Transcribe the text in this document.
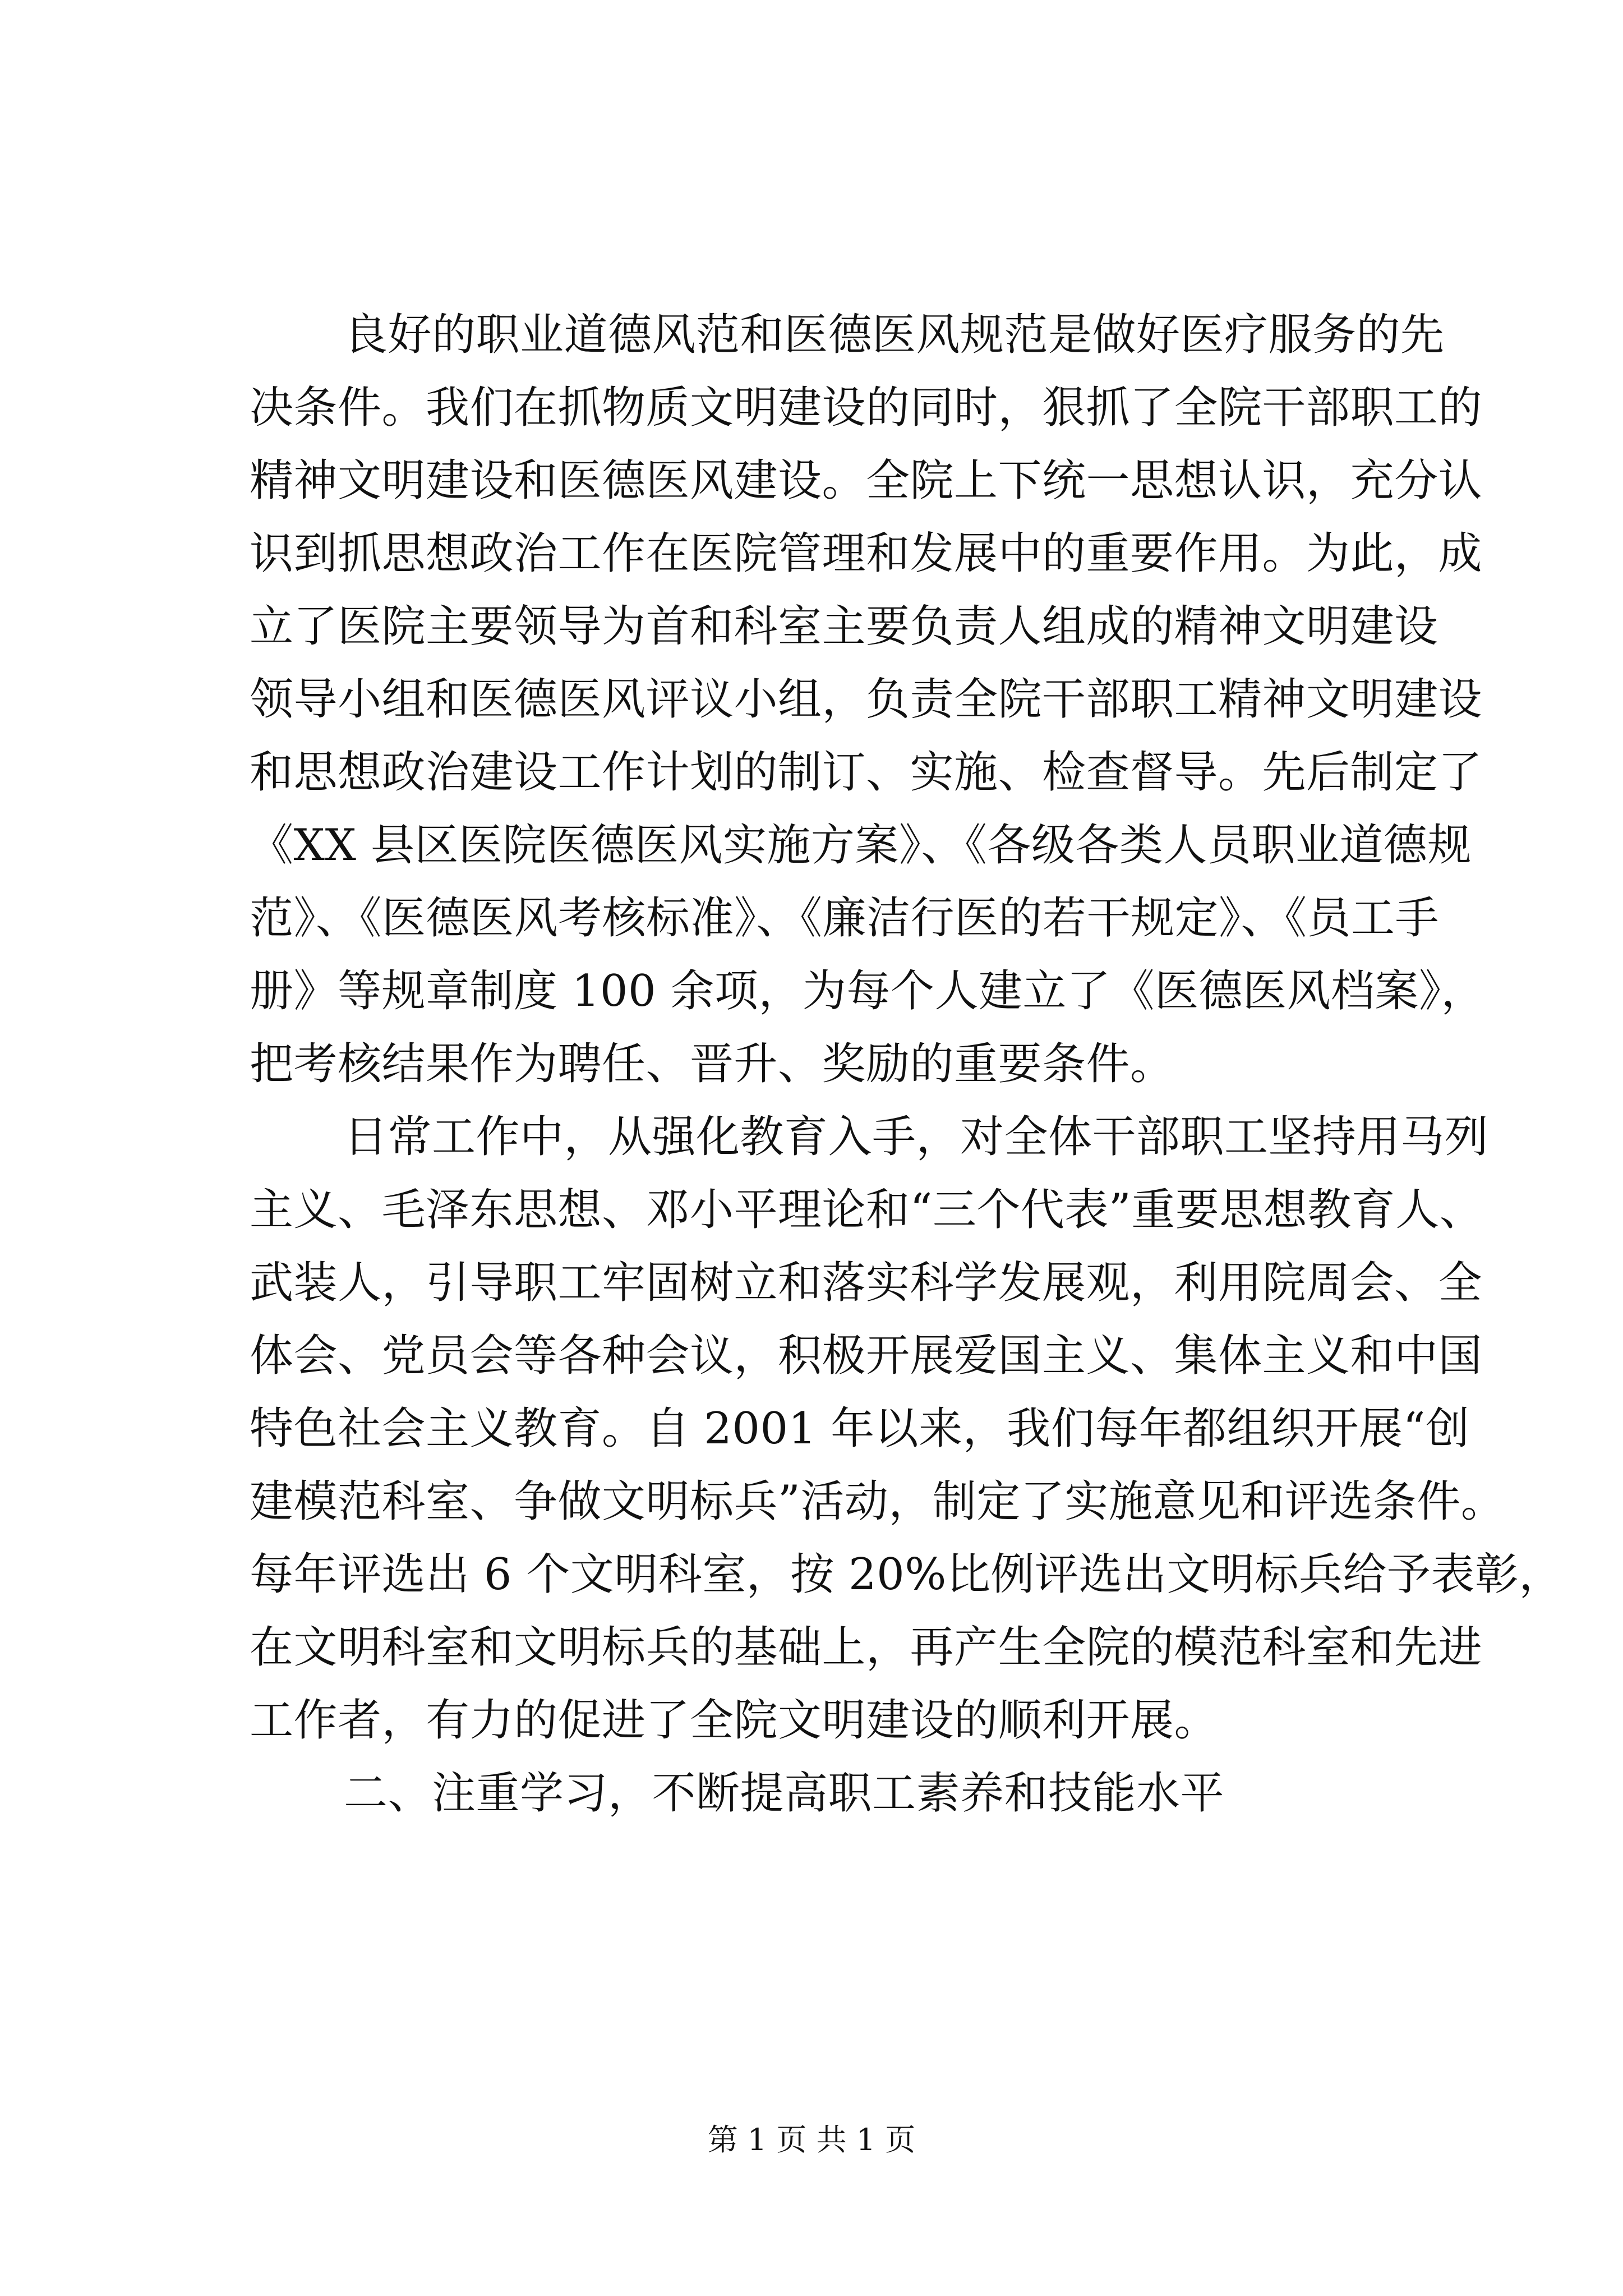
良好的职业道德风范和医德医风规范是做好医疗服务的先
决条件。我们在抓物质文明建设的同时，狠抓了全院干部职工的
精神文明建设和医德医风建设。全院上下统一思想认识，充分认
识到抓思想政治工作在医院管理和发展中的重要作用。为此，成
立了医院主要领导为首和科室主要负责人组成的精神文明建设
领导小组和医德医风评议小组，负责全院干部职工精神文明建设
和思想政治建设工作计划的制订、实施、检查督导。先后制定了
《XX 县区医院医德医风实施方案》、《各级各类人员职业道德规
范》、《医德医风考核标准》、《廉洁行医的若干规定》、《员工手
册》等规章制度 100 余项，为每个人建立了《医德医风档案》，
把考核结果作为聘任、晋升、奖励的重要条件。
日常工作中，从强化教育入手，对全体干部职工坚持用马列
主义、毛泽东思想、邓小平理论和“三个代表”重要思想教育人、
武装人，引导职工牢固树立和落实科学发展观，利用院周会、全
体会、党员会等各种会议，积极开展爱国主义、集体主义和中国
特色社会主义教育。自 2001 年以来，我们每年都组织开展“创
建模范科室、争做文明标兵”活动，制定了实施意见和评选条件。
每年评选出 6 个文明科室，按 20%比例评选出文明标兵给予表彰，
在文明科室和文明标兵的基础上，再产生全院的模范科室和先进
工作者，有力的促进了全院文明建设的顺利开展。
二、注重学习，不断提高职工素养和技能水平
第 1 页 共 1 页
